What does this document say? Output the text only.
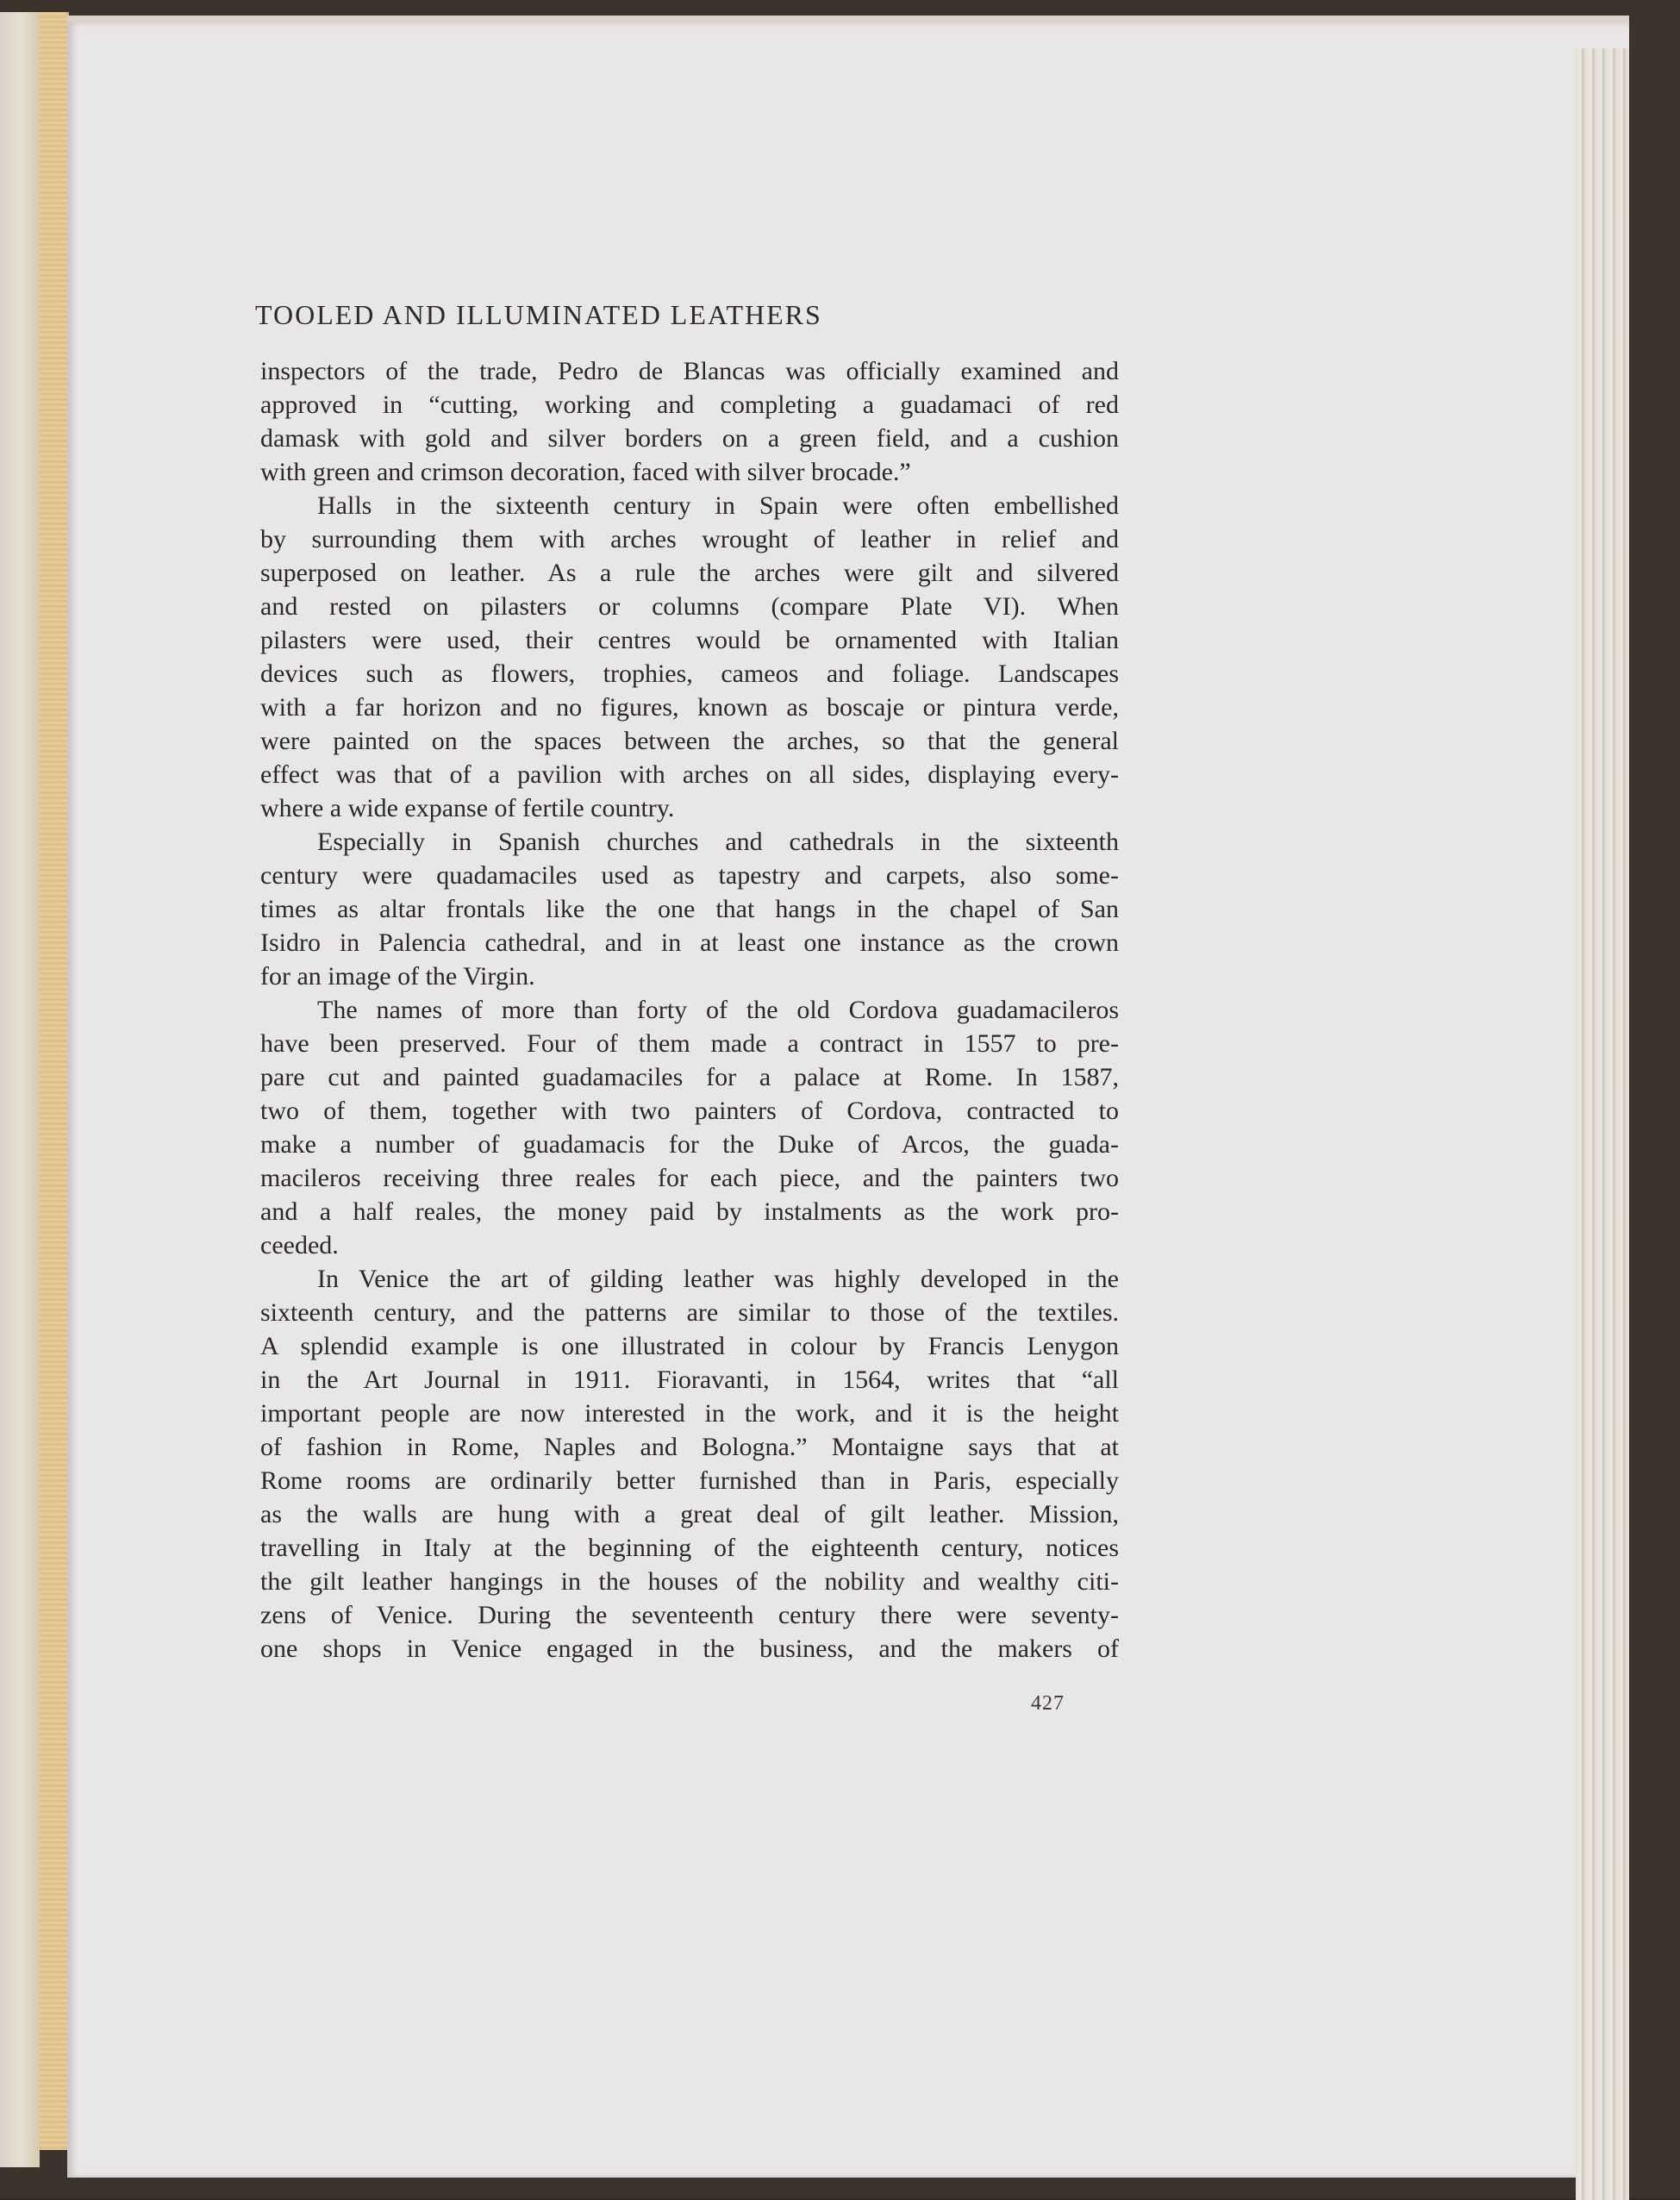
TOOLED AND ILLUMINATED LEATHERS

inspectors of the trade, Pedro de Blancas was officially examined and

approved in “cutting, working and completing a guadamaci of red

damask with gold and silver borders on a green field, and a cushion

with green and crimson decoration, faced with silver brocade.”

Halls in the sixteenth century in Spain were often embellished

by surrounding them with arches wrought of leather in relief and

superposed on leather. As a rule the arches were gilt and silvered

and rested on pilasters or columns (compare Plate VI). When

pilasters were used, their centres would be ornamented with Italian

devices such as flowers, trophies, cameos and foliage. Landscapes

with a far horizon and no figures, known as boscaje or pintura verde,

were painted on the spaces between the arches, so that the general

effect was that of a pavilion with arches on all sides, displaying every-

where a wide expanse of fertile country.

Especially in Spanish churches and cathedrals in the sixteenth

century were quadamaciles used as tapestry and carpets, also some-

times as altar frontals like the one that hangs in the chapel of San

Isidro in Palencia cathedral, and in at least one instance as the crown

for an image of the Virgin.

The names of more than forty of the old Cordova guadamacileros

have been preserved. Four of them made a contract in 1557 to pre-

pare cut and painted guadamaciles for a palace at Rome. In 1587,

two of them, together with two painters of Cordova, contracted to

make a number of guadamacis for the Duke of Arcos, the guada-

macileros receiving three reales for each piece, and the painters two

and a half reales, the money paid by instalments as the work pro-

ceeded.

In Venice the art of gilding leather was highly developed in the

sixteenth century, and the patterns are similar to those of the textiles.

A splendid example is one illustrated in colour by Francis Lenygon

in the Art Journal in 1911. Fioravanti, in 1564, writes that “all

important people are now interested in the work, and it is the height

of fashion in Rome, Naples and Bologna.” Montaigne says that at

Rome rooms are ordinarily better furnished than in Paris, especially

as the walls are hung with a great deal of gilt leather. Mission,

travelling in Italy at the beginning of the eighteenth century, notices

the gilt leather hangings in the houses of the nobility and wealthy citi-

zens of Venice. During the seventeenth century there were seventy-

one shops in Venice engaged in the business, and the makers of

427
